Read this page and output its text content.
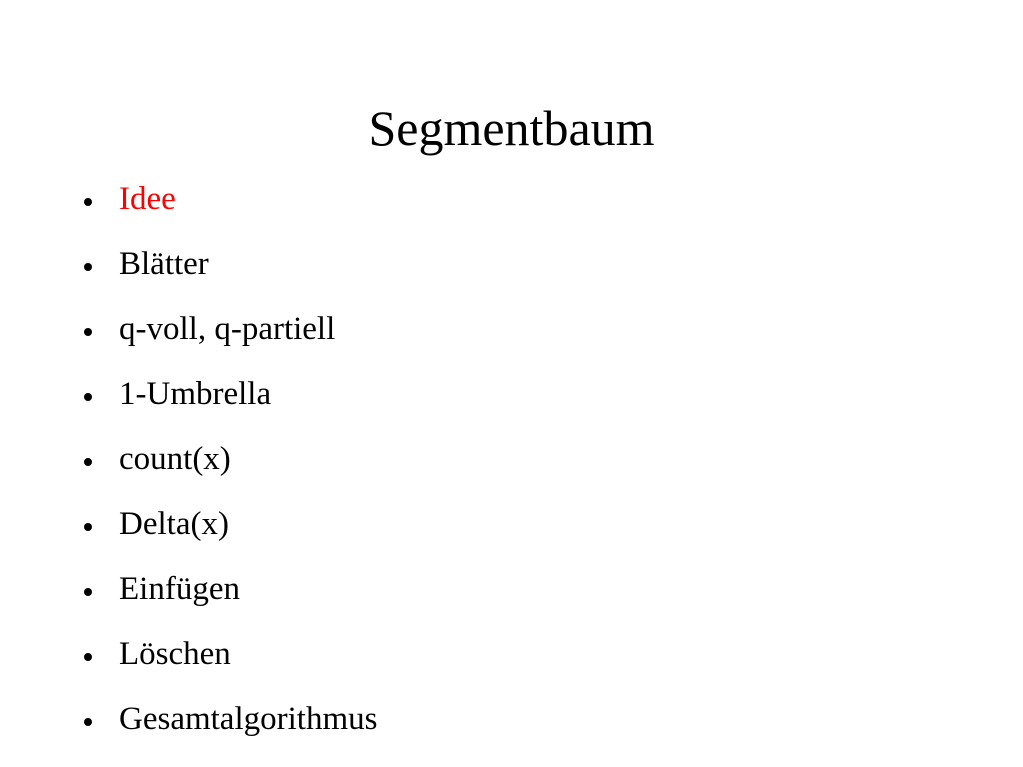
Segmentbaum
Idee
Blätter
q-voll, q-partiell
1-Umbrella
count(x)
Delta(x)
Einfügen
Löschen
Gesamtalgorithmus
